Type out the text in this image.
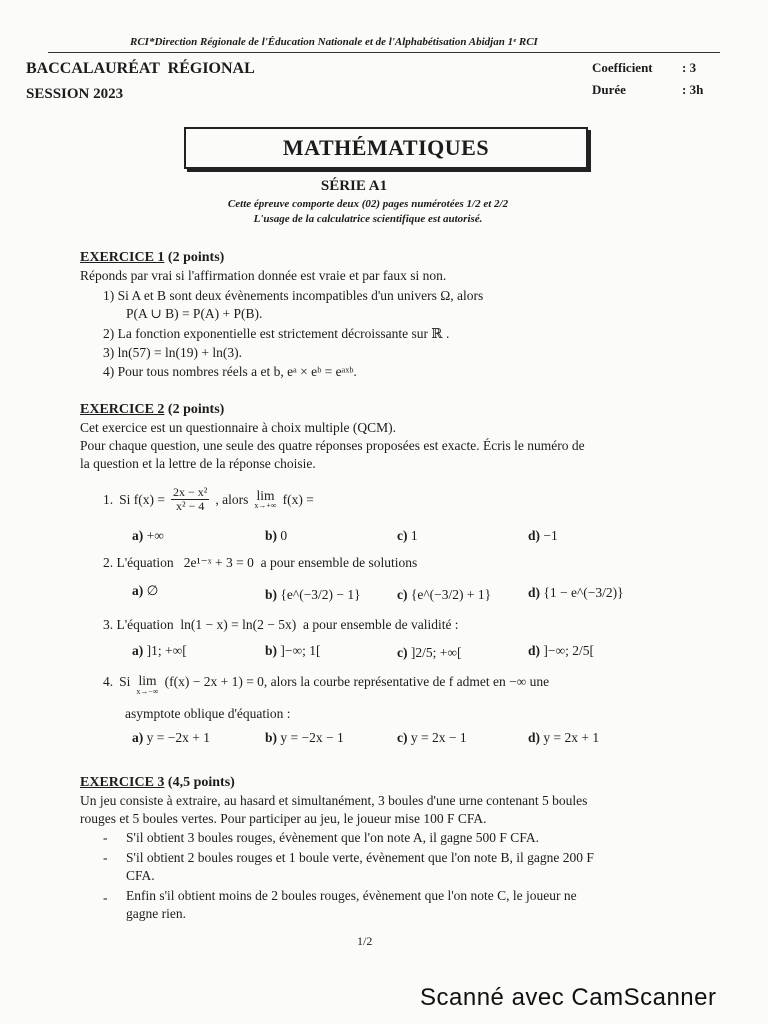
RCI*Direction Régionale de l'Éducation Nationale et de l'Alphabétisation Abidjan 1ᵉ RCI
BACCALAURÉAT  RÉGIONAL
SESSION 2023
Coefficient : 3
Durée	: 3h
MATHÉMATIQUES
SÉRIE A1
Cette épreuve comporte deux (02) pages numérotées 1/2 et 2/2
L'usage de la calculatrice scientifique est autorisé.
EXERCICE 1 (2 points)
Réponds par vrai si l'affirmation donnée est vraie et par faux si non.
1) Si A et B sont deux évènements incompatibles d'un univers Ω, alors
P(A ∪ B) = P(A) + P(B).
2) La fonction exponentielle est strictement décroissante sur ℝ .
3) ln(57) = ln(19) + ln(3).
4) Pour tous nombres réels a et b, eᵃ × eᵇ = eᵃˣᵇ.
EXERCICE 2 (2 points)
Cet exercice est un questionnaire à choix multiple (QCM).
Pour chaque question, une seule des quatre réponses proposées est exacte. Écris le numéro de
la question et la lettre de la réponse choisie.
1. Si $f(x) = \frac{\text{2x − x²}}{\text{x² − 4}}$ , alors lim
x→+∞ f(x) =
a) +∞	b) 0	c) 1	d) −1
2. L'équation   2e¹⁻ˣ + 3 = 0  a pour ensemble de solutions
a) ∅	b) {e^(−3/2) − 1}	c) {e^(−3/2) + 1}	d) {1 − e^(−3/2)}
3. L'équation  ln(1 − x) = ln(2 − 5x)  a pour ensemble de validité :
a) ]1; +∞[	b) ]−∞; 1[	c) ]2/5; +∞[	d) ]−∞; 2/5[
4. Si lim
x→−∞
(f(x) − 2x + 1) = 0, alors la courbe représentative de f admet en −∞ une
asymptote oblique d'équation :
a) y = −2x + 1	b) y = −2x − 1	c) y = 2x − 1	d) y = 2x + 1
EXERCICE 3 (4,5 points)
Un jeu consiste à extraire, au hasard et simultanément, 3 boules d'une urne contenant 5 boules
rouges et 5 boules vertes. Pour participer au jeu, le joueur mise 100 F CFA.
- S'il obtient 3 boules rouges, évènement que l'on note A, il gagne 500 F CFA.
- S'il obtient 2 boules rouges et 1 boule verte, évènement que l'on note B, il gagne 200 F
CFA.
- Enfin s'il obtient moins de 2 boules rouges, évènement que l'on note C, le joueur ne
gagne rien.
1/2
Scanné avec CamScanner
